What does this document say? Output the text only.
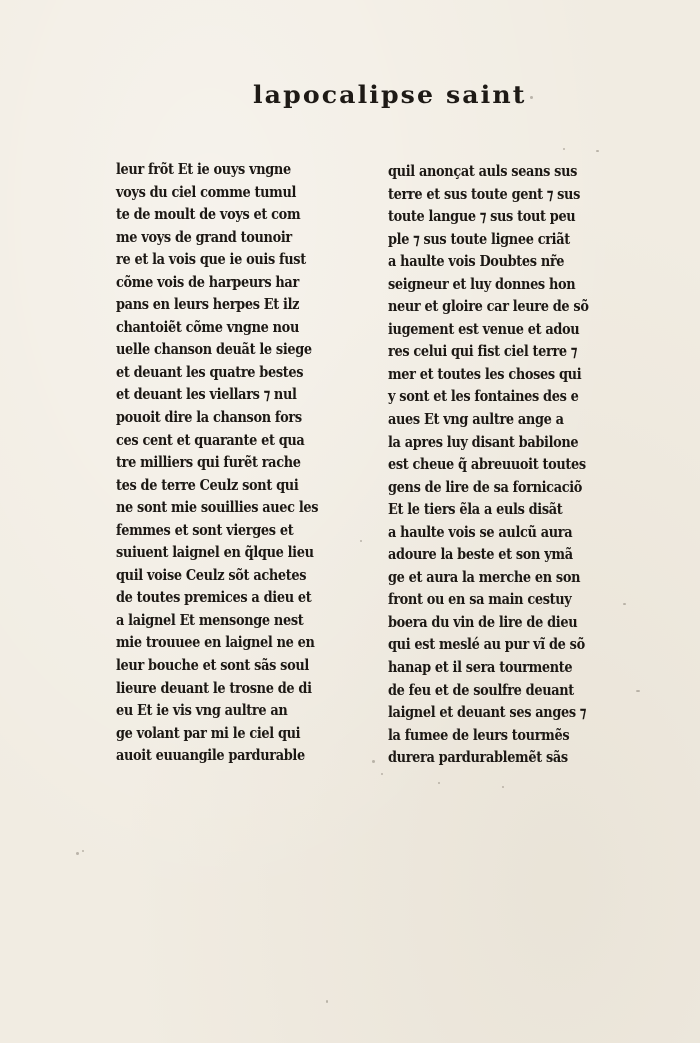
lapocalipse saint
leur frõt Et ie ouys vngne
voys du ciel comme tumul
te de moult de voys et com
me voys de grand tounoir
re et la vois que ie ouis fust
cõme vois de harpeurs har
pans en leurs herpes Et ilz
chantoiẽt cõme vngne nou
uelle chanson deuãt le siege
et deuant les quatre bestes
et deuant les viellars ⁊ nul
pouoit dire la chanson fors
ces cent et quarante et qua
tre milliers qui furẽt rache
tes de terre Ceulz sont qui
ne sont mie souillies auec les
femmes et sont vierges et
suiuent laignel en q̃lque lieu
quil voise Ceulz sõt achetes
de toutes premices a dieu et
a laignel Et mensonge nest
mie trouuee en laignel ne en
leur bouche et sont sãs soul
lieure deuant le trosne de di
eu Et ie vis vng aultre an
ge volant par mi le ciel qui
auoit euuangile pardurable
quil anonçat auls seans sus
terre et sus toute gent ⁊ sus
toute langue ⁊ sus tout peu
ple ⁊ sus toute lignee criãt
a haulte vois Doubtes nr̃e
seigneur et luy donnes hon
neur et gloire car leure de sõ
iugement est venue et adou
res celui qui fist ciel terre ⁊
mer et toutes les choses qui
y sont et les fontaines des e
aues Et vng aultre ange a
la apres luy disant babilone
est cheue q̃ abreuuoit toutes
gens de lire de sa fornicaciõ
Et le tiers ẽla a euls disãt
a haulte vois se aulcũ aura
adoure la beste et son ymã
ge et aura la merche en son
front ou en sa main cestuy
boera du vin de lire de dieu
qui est meslé au pur vĩ de sõ
hanap et il sera tourmente
de feu et de soulfre deuant
laignel et deuant ses anges ⁊
la fumee de leurs tourmẽs
durera pardurablemẽt sãs
